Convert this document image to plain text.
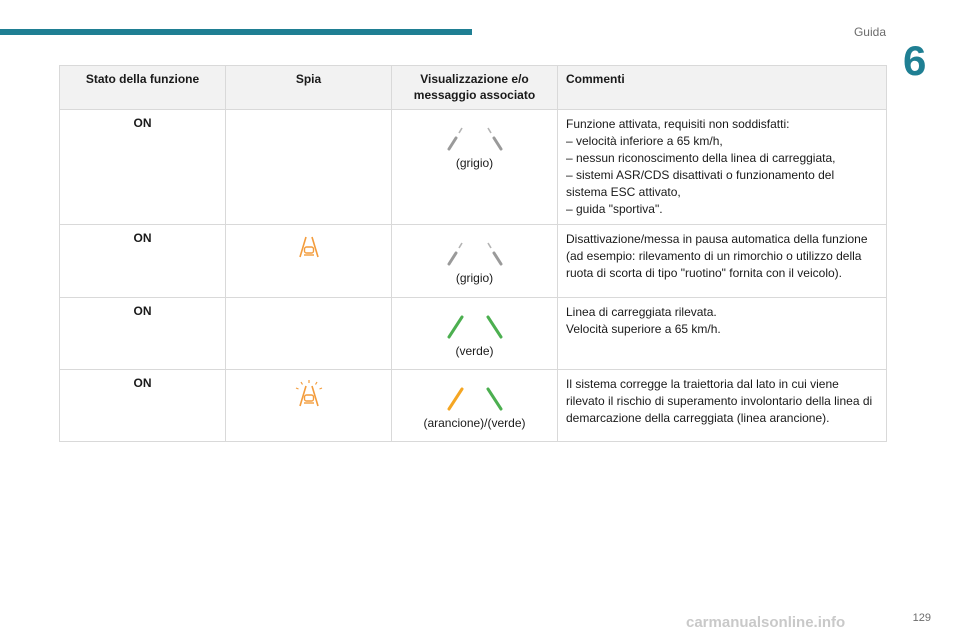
Guida
6
Stato della funzione	Spia	Visualizzazione e/o messaggio associato	Commenti
ON		(grigio)	Funzione attivata, requisiti non soddisfatti:

– velocità inferiore a 65 km/h,

– nessun riconoscimento della linea di carreggiata,

– sistemi ASR/CDS disattivati o funzionamento del sistema ESC attivato,

– guida "sportiva".

ON		(grigio)	Disattivazione/messa in pausa automatica della funzione (ad esempio: rilevamento di un rimorchio o utilizzo della ruota di scorta di tipo "ruotino" fornita con il veicolo).

ON		(verde)	Linea di carreggiata rilevata.

Velocità superiore a 65 km/h.

ON		(arancione)/(verde)	Il sistema corregge la traiettoria dal lato in cui viene rilevato il rischio di superamento involontario della linea di demarcazione della carreggiata (linea arancione).

129
carmanualsonline.info
